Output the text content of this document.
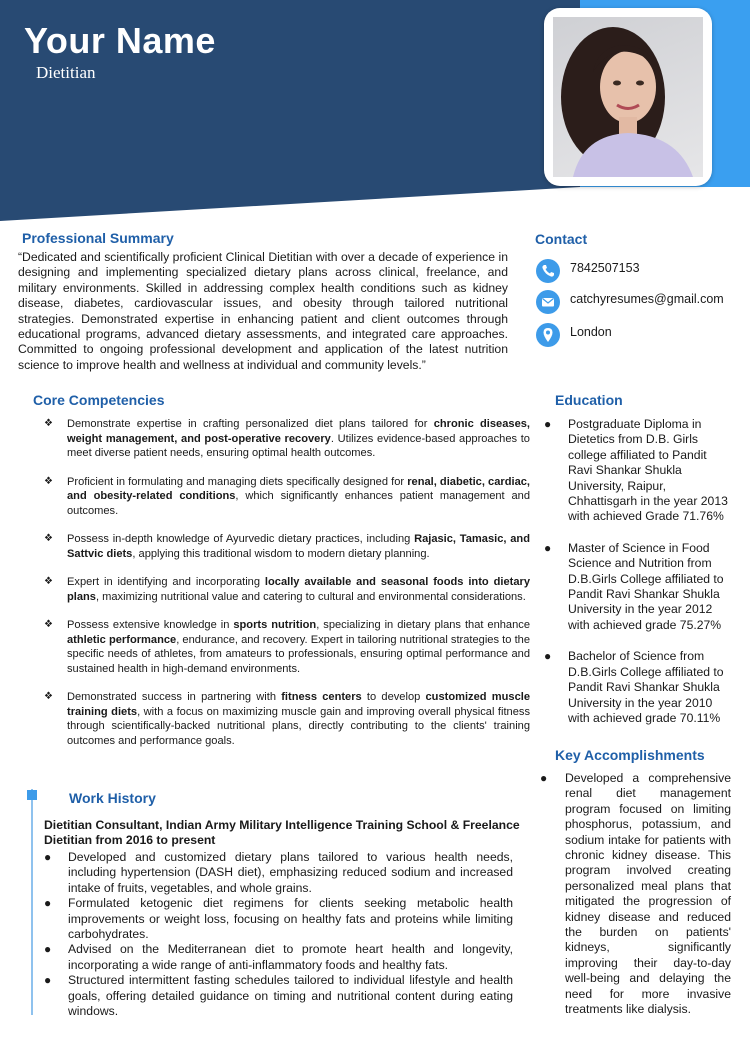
Your Name
Dietitian
Professional Summary
“Dedicated and scientifically proficient Clinical Dietitian with over a decade of experience in designing and implementing specialized dietary plans across clinical, freelance, and military environments. Skilled in addressing complex health conditions such as kidney disease, diabetes, cardiovascular issues, and obesity through tailored nutritional strategies. Demonstrated expertise in enhancing patient and client outcomes through educational programs, advanced dietary assessments, and integrated care approaches. Committed to ongoing professional development and application of the latest nutrition science to improve health and wellness at individual and community levels.”
Contact
7842507153
catchyresumes@gmail.com
London
Core Competencies
❖ Demonstrate expertise in crafting personalized diet plans tailored for chronic diseases, weight management, and post-operative recovery. Utilizes evidence-based approaches to meet diverse patient needs, ensuring optimal health outcomes.
❖ Proficient in formulating and managing diets specifically designed for renal, diabetic, cardiac, and obesity-related conditions, which significantly enhances patient management and outcomes.
❖ Possess in-depth knowledge of Ayurvedic dietary practices, including Rajasic, Tamasic, and Sattvic diets, applying this traditional wisdom to modern dietary planning.
❖ Expert in identifying and incorporating locally available and seasonal foods into dietary plans, maximizing nutritional value and catering to cultural and environmental considerations.
❖ Possess extensive knowledge in sports nutrition, specializing in dietary plans that enhance athletic performance, endurance, and recovery. Expert in tailoring nutritional strategies to the specific needs of athletes, from amateurs to professionals, ensuring optimal performance and sustained health in high-demand environments.
❖ Demonstrated success in partnering with fitness centers to develop customized muscle training diets, with a focus on maximizing muscle gain and improving overall physical fitness through scientifically-backed nutritional plans, directly contributing to the clients' training outcomes and performance goals.
Education
● Postgraduate Diploma in Dietetics from D.B. Girls college affiliated to Pandit Ravi Shankar Shukla University, Raipur, Chhattisgarh in the year 2013 with achieved Grade 71.76%
● Master of Science in Food Science and Nutrition from D.B.Girls College affiliated to Pandit Ravi Shankar Shukla University in the year 2012 with achieved grade 75.27%
● Bachelor of Science from D.B.Girls College affiliated to Pandit Ravi Shankar Shukla University in the year 2010 with achieved grade 70.11%
Key Accomplishments
● Developed a comprehensive renal diet management program focused on limiting phosphorus, potassium, and sodium intake for patients with chronic kidney disease. This program involved creating personalized meal plans that mitigated the progression of kidney disease and reduced the burden on patients' kidneys, significantly improving their day-to-day well-being and delaying the need for more invasive treatments like dialysis.
Work History
Dietitian Consultant, Indian Army Military Intelligence Training School & Freelance Dietitian from 2016 to present
● Developed and customized dietary plans tailored to various health needs, including hypertension (DASH diet), emphasizing reduced sodium and increased intake of fruits, vegetables, and whole grains.
● Formulated ketogenic diet regimens for clients seeking metabolic health improvements or weight loss, focusing on healthy fats and proteins while limiting carbohydrates.
● Advised on the Mediterranean diet to promote heart health and longevity, incorporating a wide range of anti-inflammatory foods and healthy fats.
● Structured intermittent fasting schedules tailored to individual lifestyle and health goals, offering detailed guidance on timing and nutritional content during eating windows.
